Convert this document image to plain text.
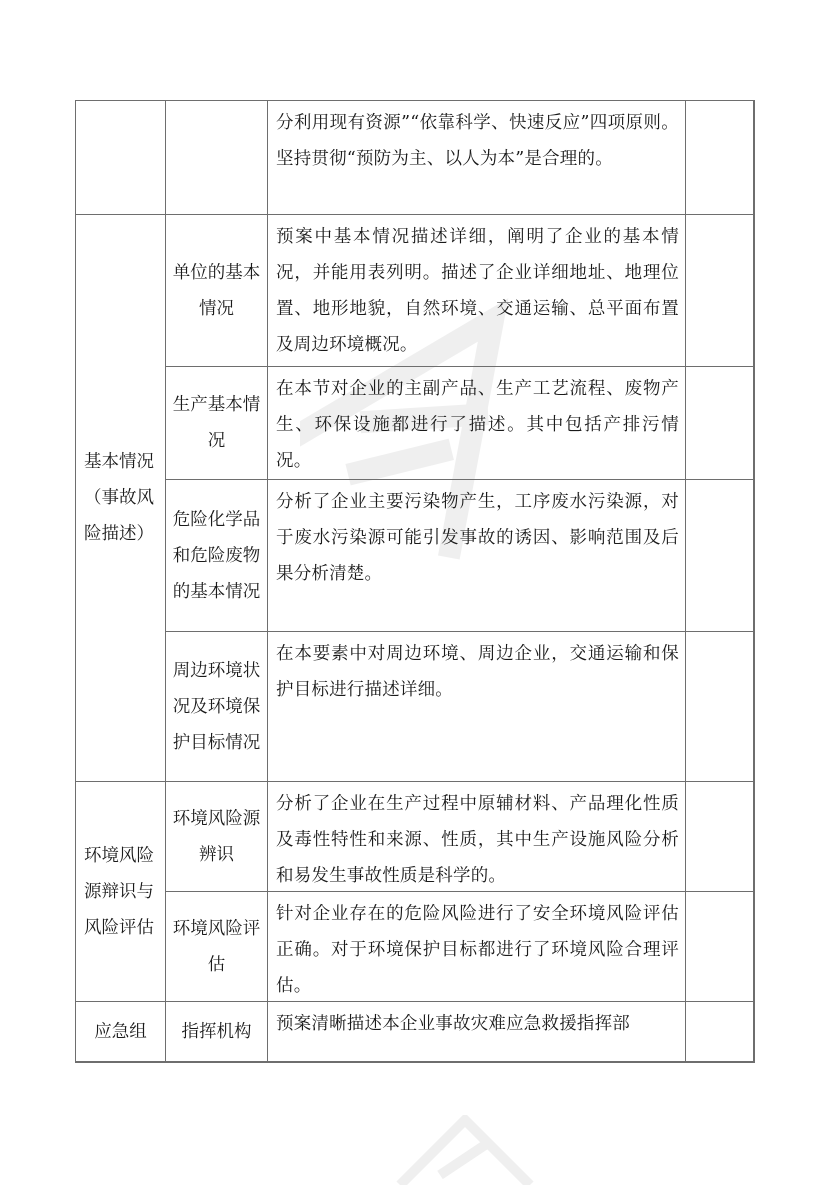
分利用现有资源”“依靠科学、快速反应”四项原则。坚持贯彻“预防为主、以人为本”是合理的。
基本情况（事故风险描述）
单位的基本情况
预案中基本情况描述详细，阐明了企业的基本情况，并能用表列明。描述了企业详细地址、地理位置、地形地貌，自然环境、交通运输、总平面布置及周边环境概况。
生产基本情况
在本节对企业的主副产品、生产工艺流程、废物产生、环保设施都进行了描述。其中包括产排污情况。
危险化学品和危险废物的基本情况
分析了企业主要污染物产生，工序废水污染源，对于废水污染源可能引发事故的诱因、影响范围及后果分析清楚。
周边环境状况及环境保护目标情况
在本要素中对周边环境、周边企业，交通运输和保护目标进行描述详细。
环境风险源辩识与风险评估
环境风险源辨识
分析了企业在生产过程中原辅材料、产品理化性质及毒性特性和来源、性质，其中生产设施风险分析和易发生事故性质是科学的。
环境风险评估
针对企业存在的危险风险进行了安全环境风险评估正确。对于环境保护目标都进行了环境风险合理评估。
应急组	指挥机构	预案清晰描述本企业事故灾难应急救援指挥部
